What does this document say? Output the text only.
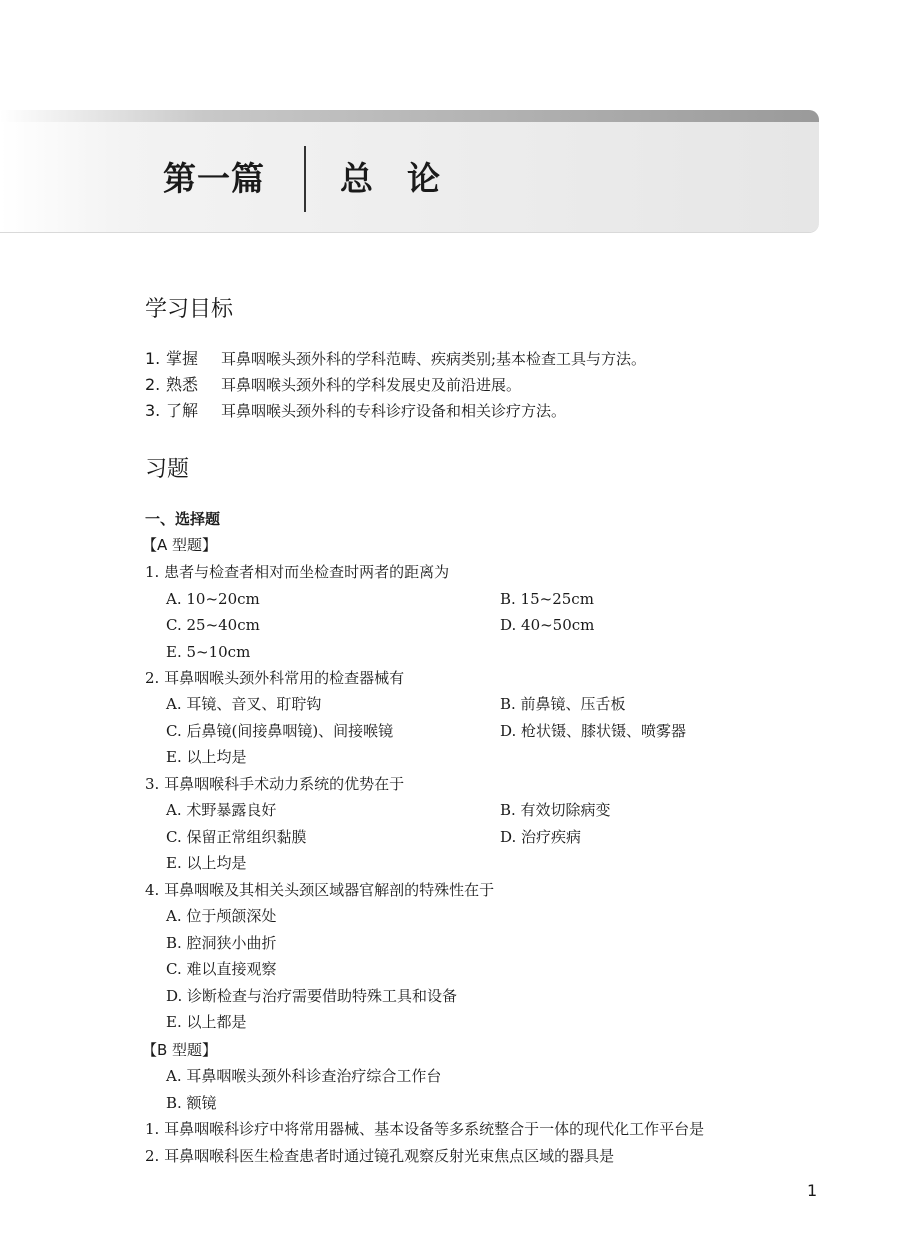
第一篇 总论
学习目标
1. 掌握 耳鼻咽喉头颈外科的学科范畴、疾病类别;基本检查工具与方法。
2. 熟悉 耳鼻咽喉头颈外科的学科发展史及前沿进展。
3. 了解 耳鼻咽喉头颈外科的专科诊疗设备和相关诊疗方法。
习题
一、选择题
【A 型题】
1. 患者与检查者相对而坐检查时两者的距离为
A. 10~20cm	B. 15~25cm
C. 25~40cm	D. 40~50cm
E. 5~10cm
2. 耳鼻咽喉头颈外科常用的检查器械有
A. 耳镜、音叉、耵聍钩	B. 前鼻镜、压舌板
C. 后鼻镜(间接鼻咽镜)、间接喉镜	D. 枪状镊、膝状镊、喷雾器
E. 以上均是
3. 耳鼻咽喉科手术动力系统的优势在于
A. 术野暴露良好	B. 有效切除病变
C. 保留正常组织黏膜	D. 治疗疾病
E. 以上均是
4. 耳鼻咽喉及其相关头颈区域器官解剖的特殊性在于
A. 位于颅颌深处
B. 腔洞狭小曲折
C. 难以直接观察
D. 诊断检查与治疗需要借助特殊工具和设备
E. 以上都是
【B 型题】
A. 耳鼻咽喉头颈外科诊查治疗综合工作台
B. 额镜
1. 耳鼻咽喉科诊疗中将常用器械、基本设备等多系统整合于一体的现代化工作平台是
2. 耳鼻咽喉科医生检查患者时通过镜孔观察反射光束焦点区域的器具是
1
